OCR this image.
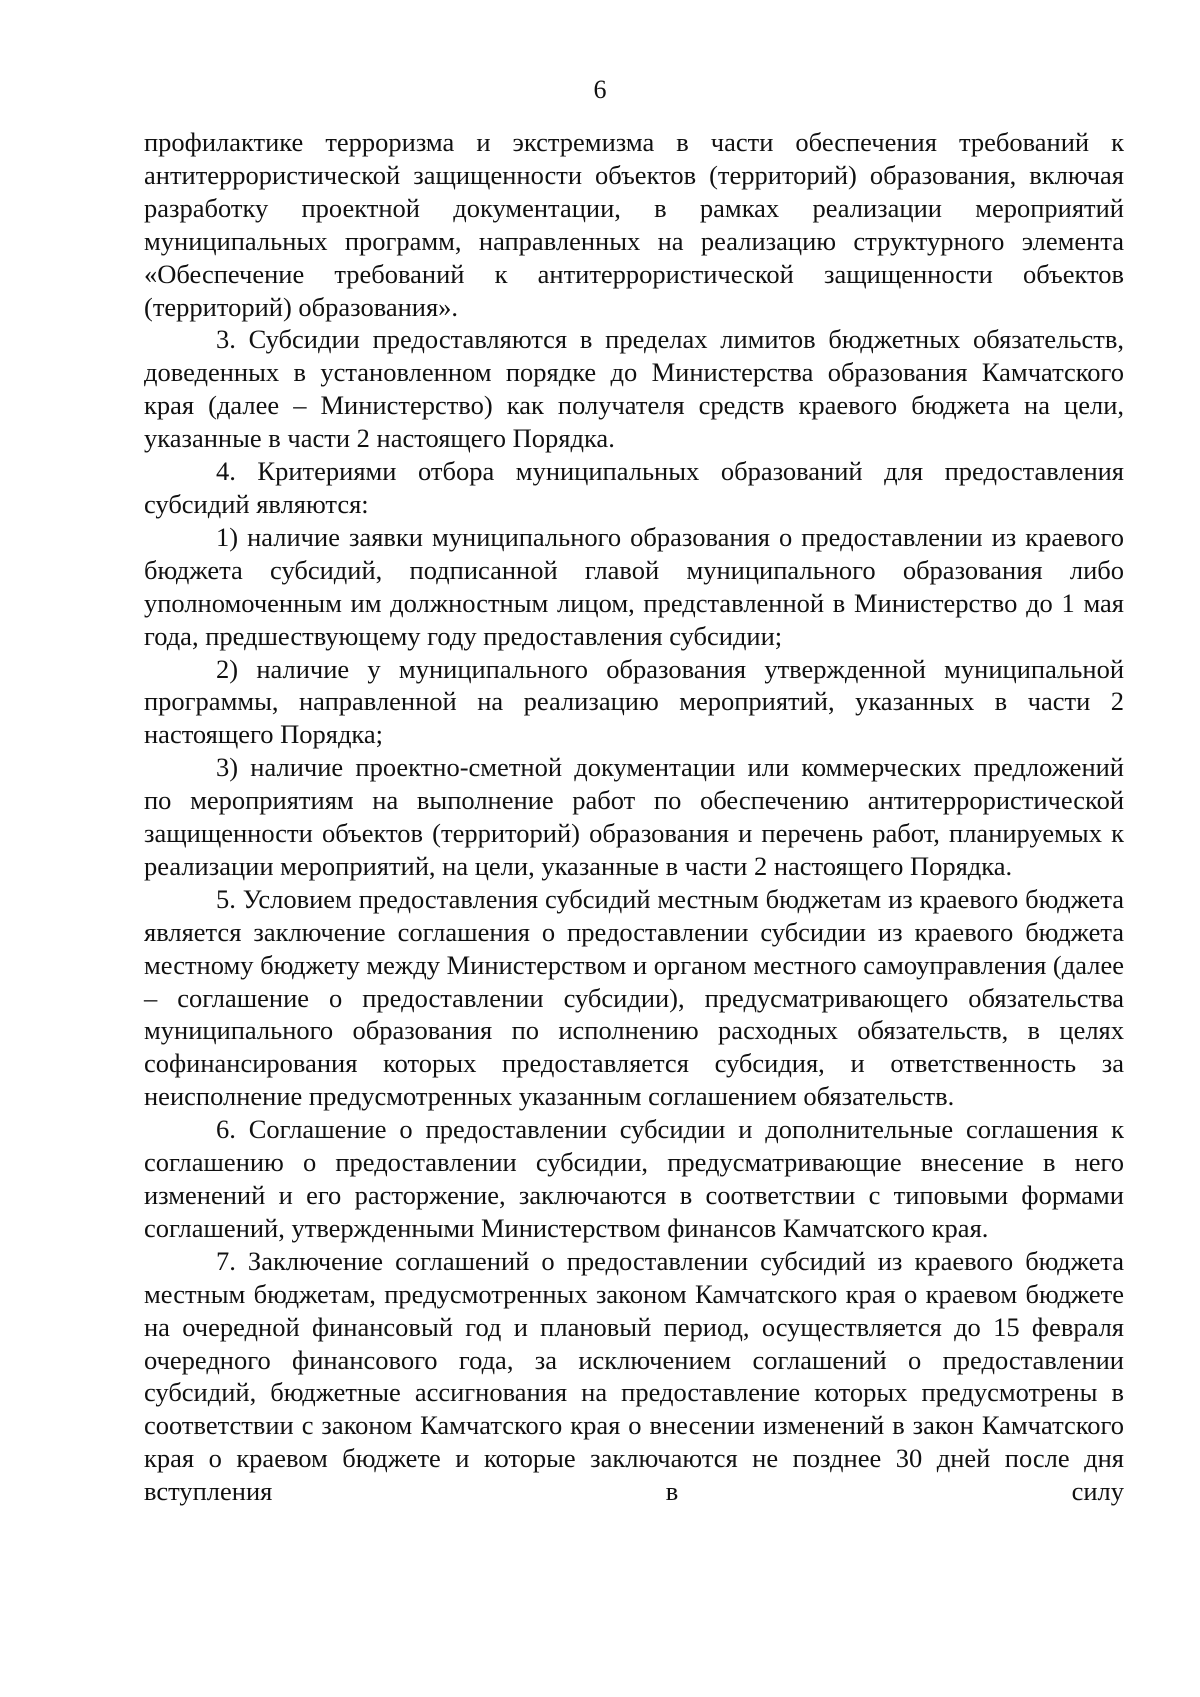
6

профилактике терроризма и экстремизма в части обеспечения требований к антитеррористической защищенности объектов (территорий) образования, включая разработку проектной документации, в рамках реализации мероприятий муниципальных программ, направленных на реализацию структурного элемента «Обеспечение требований к антитеррористической защищенности объектов (территорий) образования».

3. Субсидии предоставляются в пределах лимитов бюджетных обязательств, доведенных в установленном порядке до Министерства образования Камчатского края (далее – Министерство) как получателя средств краевого бюджета на цели, указанные в части 2 настоящего Порядка.

4. Критериями отбора муниципальных образований для предоставления субсидий являются:

1) наличие заявки муниципального образования о предоставлении из краевого бюджета субсидий, подписанной главой муниципального образования либо уполномоченным им должностным лицом, представленной в Министерство до 1 мая года, предшествующему году предоставления субсидии;

2) наличие у муниципального образования утвержденной муниципальной программы, направленной на реализацию мероприятий, указанных в части 2 настоящего Порядка;

3) наличие проектно-сметной документации или коммерческих предложений по мероприятиям на выполнение работ по обеспечению антитеррористической защищенности объектов (территорий) образования и перечень работ, планируемых к реализации мероприятий, на цели, указанные в части 2 настоящего Порядка.

5. Условием предоставления субсидий местным бюджетам из краевого бюджета является заключение соглашения о предоставлении субсидии из краевого бюджета местному бюджету между Министерством и органом местного самоуправления (далее – соглашение о предоставлении субсидии), предусматривающего обязательства муниципального образования по исполнению расходных обязательств, в целях софинансирования которых предоставляется субсидия, и ответственность за неисполнение предусмотренных указанным соглашением обязательств.

6. Соглашение о предоставлении субсидии и дополнительные соглашения к соглашению о предоставлении субсидии, предусматривающие внесение в него изменений и его расторжение, заключаются в соответствии с типовыми формами соглашений, утвержденными Министерством финансов Камчатского края.

7. Заключение соглашений о предоставлении субсидий из краевого бюджета местным бюджетам, предусмотренных законом Камчатского края о краевом бюджете на очередной финансовый год и плановый период, осуществляется до 15 февраля очередного финансового года, за исключением соглашений о предоставлении субсидий, бюджетные ассигнования на предоставление которых предусмотрены в соответствии с законом Камчатского края о внесении изменений в закон Камчатского края о краевом бюджете и которые заключаются не позднее 30 дней после дня вступления в силу
